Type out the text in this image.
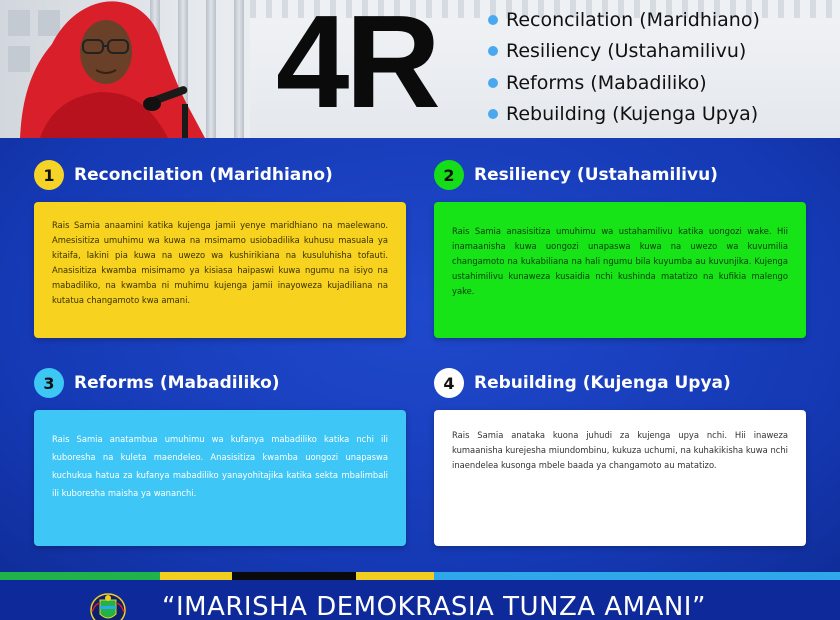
4R	Reconcilation (Maridhiano)
Resiliency (Ustahamilivu)
Reforms (Mabadiliko)
Rebuilding (Kujenga Upya)
1	Reconcilation (Maridhiano)

Rais Samia anaamini katika kujenga jamii yenye maridhiano na maelewano. Amesisitiza umuhimu wa kuwa na msimamo usiobadilika kuhusu masuala ya kitaifa, lakini pia kuwa na uwezo wa kushirikiana na kusuluhisha tofauti. Anasisitiza kwamba misimamo ya kisiasa haipaswi kuwa ngumu na isiyo na mabadiliko, na kwamba ni muhimu kujenga jamii inayoweza kujadiliana na kutatua changamoto kwa amani.

2	Resiliency (Ustahamilivu)

Rais Samia anasisitiza umuhimu wa ustahamilivu katika uongozi wake. Hii inamaanisha kuwa uongozi unapaswa kuwa na uwezo wa kuvumilia changamoto na kukabiliana na hali ngumu bila kuyumba au kuvunjika. Kujenga ustahimilivu kunaweza kusaidia nchi kushinda matatizo na kufikia malengo yake.

3	Reforms (Mabadiliko)

Rais Samia anatambua umuhimu wa kufanya mabadiliko katika nchi ili kuboresha na kuleta maendeleo. Anasisitiza kwamba uongozi unapaswa kuchukua hatua za kufanya mabadiliko yanayohitajika katika sekta mbalimbali ili kuboresha maisha ya wananchi.

4	Rebuilding (Kujenga Upya)

Rais Samia anataka kuona juhudi za kujenga upya nchi. Hii inaweza kumaanisha kurejesha miundombinu, kukuza uchumi, na kuhakikisha kuwa nchi inaendelea kusonga mbele baada ya changamoto au matatizo.

“IMARISHA DEMOKRASIA TUNZA AMANI”
